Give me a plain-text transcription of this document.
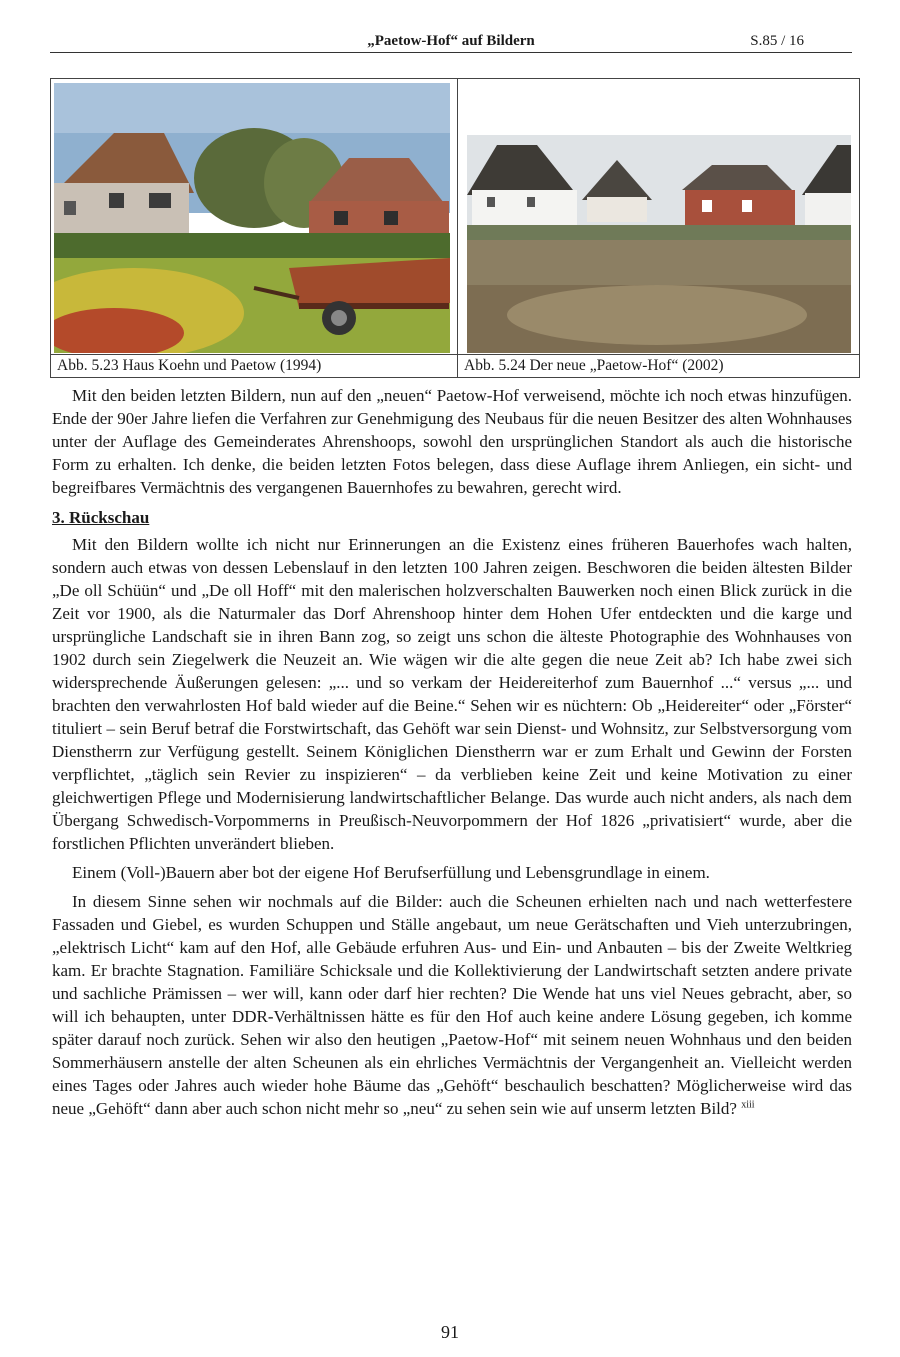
„Paetow-Hof“ auf Bildern	S.85 / 16
Abb. 5.23 Haus Koehn und Paetow (1994)	Abb. 5.24 Der neue „Paetow-Hof“ (2002)

Mit den beiden letzten Bildern, nun auf den „neuen“ Paetow-Hof verweisend, möchte ich noch etwas hinzufügen. Ende der 90er Jahre liefen die Verfahren zur Genehmigung des Neubaus für die neuen Besitzer des alten Wohnhauses unter der Auflage des Gemeinderates Ahrenshoops, sowohl den ursprünglichen Standort als auch die historische Form zu erhalten. Ich denke, die beiden letzten Fotos belegen, dass diese Auflage ihrem Anliegen, ein sicht- und begreifbares Vermächtnis des vergangenen Bauernhofes zu bewahren, gerecht wird.

3. Rückschau

Mit den Bildern wollte ich nicht nur Erinnerungen an die Existenz eines früheren Bauerhofes wach halten, sondern auch etwas von dessen Lebenslauf in den letzten 100 Jahren zeigen. Beschworen die beiden ältesten Bilder „De oll Schüün“ und „De oll Hoff“ mit den malerischen holzverschalten Bauwerken noch einen Blick zurück in die Zeit vor 1900, als die Naturmaler das Dorf Ahrenshoop hinter dem Hohen Ufer entdeckten und die karge und ursprüngliche Landschaft sie in ihren Bann zog, so zeigt uns schon die älteste Photographie des Wohnhauses von 1902 durch sein Ziegelwerk die Neuzeit an. Wie wägen wir die alte gegen die neue Zeit ab? Ich habe zwei sich widersprechende Äußerungen gelesen: „... und so verkam der Heidereiterhof zum Bauernhof ...“ versus „... und brachten den verwahrlosten Hof bald wieder auf die Beine.“ Sehen wir es nüchtern: Ob „Heidereiter“ oder „Förster“ tituliert – sein Beruf betraf die Forstwirtschaft, das Gehöft war sein Dienst- und Wohnsitz, zur Selbstversorgung vom Dienstherrn zur Verfügung gestellt. Seinem Königlichen Dienstherrn war er zum Erhalt und Gewinn der Forsten verpflichtet, „täglich sein Revier zu inspizieren“ – da verblieben keine Zeit und keine Motivation zu einer gleichwertigen Pflege und Modernisierung landwirtschaftlicher Belange. Das wurde auch nicht anders, als nach dem Übergang Schwedisch-Vorpommerns in Preußisch-Neuvorpommern der Hof 1826 „privatisiert“ wurde, aber die forstlichen Pflichten unverändert blieben.

Einem (Voll-)Bauern aber bot der eigene Hof Berufserfüllung und Lebensgrundlage in einem.

In diesem Sinne sehen wir nochmals auf die Bilder: auch die Scheunen erhielten nach und nach wetterfestere Fassaden und Giebel, es wurden Schuppen und Ställe angebaut, um neue Gerätschaften und Vieh unterzubringen, „elektrisch Licht“ kam auf den Hof, alle Gebäude erfuhren Aus- und Ein- und Anbauten – bis der Zweite Weltkrieg kam. Er brachte Stagnation. Familiäre Schicksale und die Kollektivierung der Landwirtschaft setzten andere private und sachliche Prämissen – wer will, kann oder darf hier rechten? Die Wende hat uns viel Neues gebracht, aber, so will ich behaupten, unter DDR-Verhältnissen hätte es für den Hof auch keine andere Lösung gegeben, ich komme später darauf noch zurück. Sehen wir also den heutigen „Paetow-Hof“ mit seinem neuen Wohnhaus und den beiden Sommerhäusern anstelle der alten Scheunen als ein ehrliches Vermächtnis der Vergangenheit an. Vielleicht werden eines Tages oder Jahres auch wieder hohe Bäume das „Gehöft“ beschaulich beschatten? Möglicherweise wird das neue „Gehöft“ dann aber auch schon nicht mehr so „neu“ zu sehen sein wie auf unserm letzten Bild? $^{xiii}$

91
